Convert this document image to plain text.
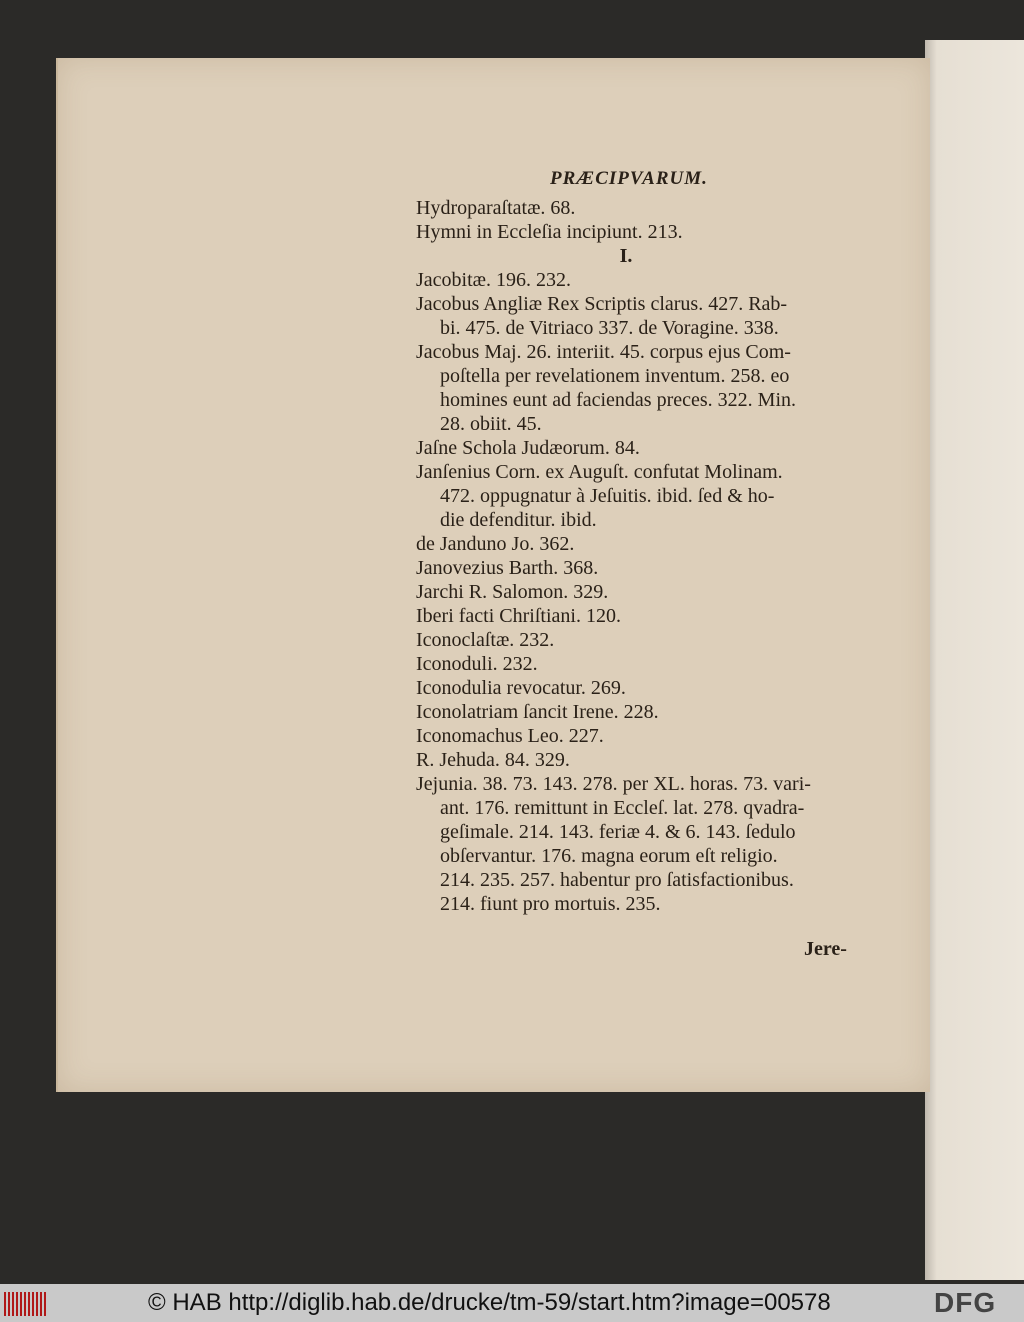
PRÆCIPVARUM.
Hydroparaſtatæ. 68.
Hymni in Eccleſia incipiunt. 213.
I.
Jacobitæ. 196. 232.
Jacobus Angliæ Rex Scriptis clarus. 427. Rab-
bi. 475. de Vitriaco 337. de Voragine. 338.
Jacobus Maj. 26. interiit. 45. corpus ejus Com-
poſtella per revelationem inventum. 258. eo
homines eunt ad faciendas preces. 322. Min.
28. obiit. 45.
Jaſne Schola Judæorum. 84.
Janſenius Corn. ex Auguſt. confutat Molinam.
472. oppugnatur à Jeſuitis. ibid. ſed & ho-
die defenditur. ibid.
de Janduno Jo. 362.
Janovezius Barth. 368.
Jarchi R. Salomon. 329.
Iberi facti Chriſtiani. 120.
Iconoclaſtæ. 232.
Iconoduli. 232.
Iconodulia revocatur. 269.
Iconolatriam ſancit Irene. 228.
Iconomachus Leo. 227.
R. Jehuda. 84. 329.
Jejunia. 38. 73. 143. 278. per XL. horas. 73. vari-
ant. 176. remittunt in Eccleſ. lat. 278. qvadra-
geſimale. 214. 143. feriæ 4. & 6. 143. ſedulo
obſervantur. 176. magna eorum eſt religio.
214. 235. 257. habentur pro ſatisfactionibus.
214. fiunt pro mortuis. 235.
Jere-
© HAB http://diglib.hab.de/drucke/tm-59/start.htm?image=00578	DFG
